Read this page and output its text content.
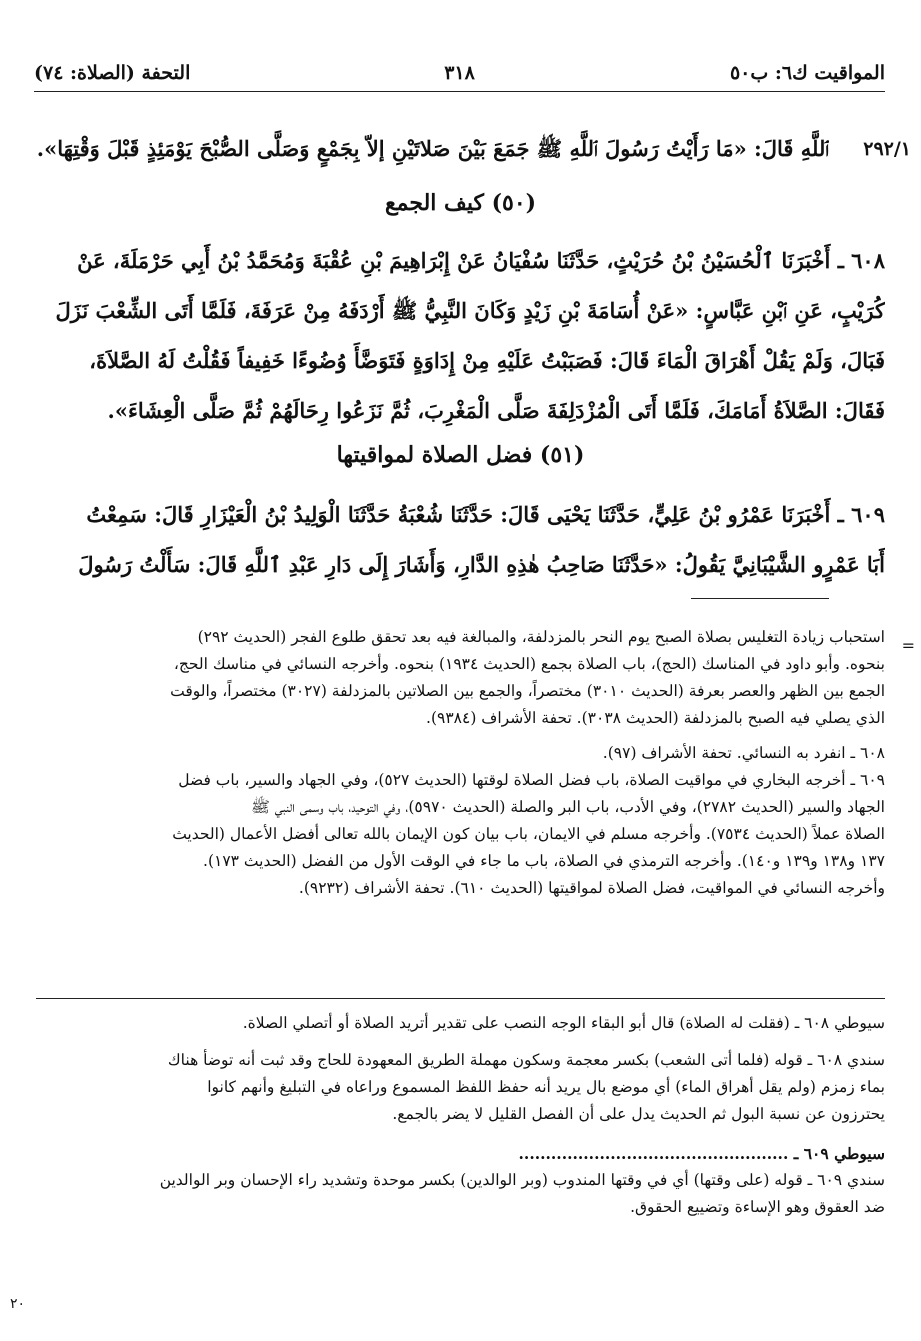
المواقيت ك٦: ب٥٠
٣١٨
التحفة (الصلاة: ٧٤)
٢٩٢/١
ٱللَّهِ قَالَ: «مَا رَأَيْتُ رَسُولَ ٱللَّهِ ﷺ جَمَعَ بَيْنَ صَلاتَيْنِ إلاّ بِجَمْعٍ وَصَلَّى الصُّبْحَ يَوْمَئِذٍ قَبْلَ وَقْتِهَا».
(٥٠) كيف الجمع
٦٠٨ ـ أَخْبَرَنَا ٱلْحُسَيْنُ بْنُ حُرَيْثٍ، حَدَّثَنَا سُفْيَانُ عَنْ إِبْرَاهِيمَ بْنِ عُقْبَةَ وَمُحَمَّدُ بْنُ أَبِي حَرْمَلَةَ، عَنْ
كُرَيْبٍ، عَنِ ٱبْنِ عَبَّاسٍ: «عَنْ أُسَامَةَ بْنِ زَيْدٍ وَكَانَ النَّبِيُّ ﷺ أَرْدَفَهُ مِنْ عَرَفَةَ، فَلَمَّا أَتَى الشِّعْبَ نَزَلَ
فَبَالَ، وَلَمْ يَقُلْ أَهْرَاقَ الْمَاءَ قَالَ: فَصَبَبْتُ عَلَيْهِ مِنْ إِدَاوَةٍ فَتَوَضَّأَ وُضُوءًا خَفِيفاً فَقُلْتُ لَهُ الصَّلاَةَ،
فَقَالَ: الصَّلاَةُ أَمَامَكَ، فَلَمَّا أَتَى الْمُزْدَلِفَةَ صَلَّى الْمَغْرِبَ، ثُمَّ نَزَعُوا رِحَالَهُمْ ثُمَّ صَلَّى الْعِشَاءَ».
(٥١) فضل الصلاة لمواقيتها
٦٠٩ ـ أَخْبَرَنَا عَمْرُو بْنُ عَلِيٍّ، حَدَّثَنَا يَحْيَى قَالَ: حَدَّثَنَا شُعْبَةُ حَدَّثَنَا الْوَلِيدُ بْنُ الْعَيْزَارِ قَالَ: سَمِعْتُ
أَبَا عَمْرٍو الشَّيْبَانِيَّ يَقُولُ: «حَدَّثَنَا صَاحِبُ هٰذِهِ الدَّارِ، وَأَشَارَ إِلَى دَارِ عَبْدِ ٱللَّهِ قَالَ: سَأَلْتُ رَسُولَ
=
استحباب زيادة التغليس بصلاة الصبح يوم النحر بالمزدلفة، والمبالغة فيه بعد تحقق طلوع الفجر (الحديث ٢٩٢)
بنحوه. وأبو داود في المناسك (الحج)، باب الصلاة بجمع (الحديث ١٩٣٤) بنحوه. وأخرجه النسائي في مناسك الحج،
الجمع بين الظهر والعصر بعرفة (الحديث ٣٠١٠) مختصراً، والجمع بين الصلاتين بالمزدلفة (٣٠٢٧) مختصراً، والوقت
الذي يصلي فيه الصبح بالمزدلفة (الحديث ٣٠٣٨). تحفة الأشراف (٩٣٨٤).
٦٠٨ ـ انفرد به النسائي. تحفة الأشراف (٩٧).
٦٠٩ ـ أخرجه البخاري في مواقيت الصلاة، باب فضل الصلاة لوقتها (الحديث ٥٢٧)، وفي الجهاد والسير، باب فضل
الجهاد والسير (الحديث ٢٧٨٢)، وفي الأدب، باب البر والصلة (الحديث ٥٩٧٠)، وفي التوحيد، باب وسمى النبي ﷺ
الصلاة عملاً (الحديث ٧٥٣٤). وأخرجه مسلم في الايمان، باب بيان كون الإيمان بالله تعالى أفضل الأعمال (الحديث
١٣٧ و١٣٨ و١٣٩ و١٤٠). وأخرجه الترمذي في الصلاة، باب ما جاء في الوقت الأول من الفضل (الحديث ١٧٣).
وأخرجه النسائي في المواقيت، فضل الصلاة لمواقيتها (الحديث ٦١٠). تحفة الأشراف (٩٢٣٢).
سيوطي ٦٠٨ ـ (فقلت له الصلاة) قال أبو البقاء الوجه النصب على تقدير أتريد الصلاة أو أتصلي الصلاة.
سندي ٦٠٨ ـ قوله (فلما أتى الشعب) بكسر معجمة وسكون مهملة الطريق المعهودة للحاج وقد ثبت أنه توضأ هناك
بماء زمزم (ولم يقل أهراق الماء) أي موضع بال يريد أنه حفظ اللفظ المسموع وراعاه في التبليغ وأنهم كانوا
يحترزون عن نسبة البول ثم الحديث يدل على أن الفصل القليل لا يضر بالجمع.
سيوطي ٦٠٩ ـ ..................................................
سندي ٦٠٩ ـ قوله (على وقتها) أي في وقتها المندوب (وبر الوالدين) بكسر موحدة وتشديد راء الإحسان وبر الوالدين
ضد العقوق وهو الإساءة وتضييع الحقوق.
٢٠
